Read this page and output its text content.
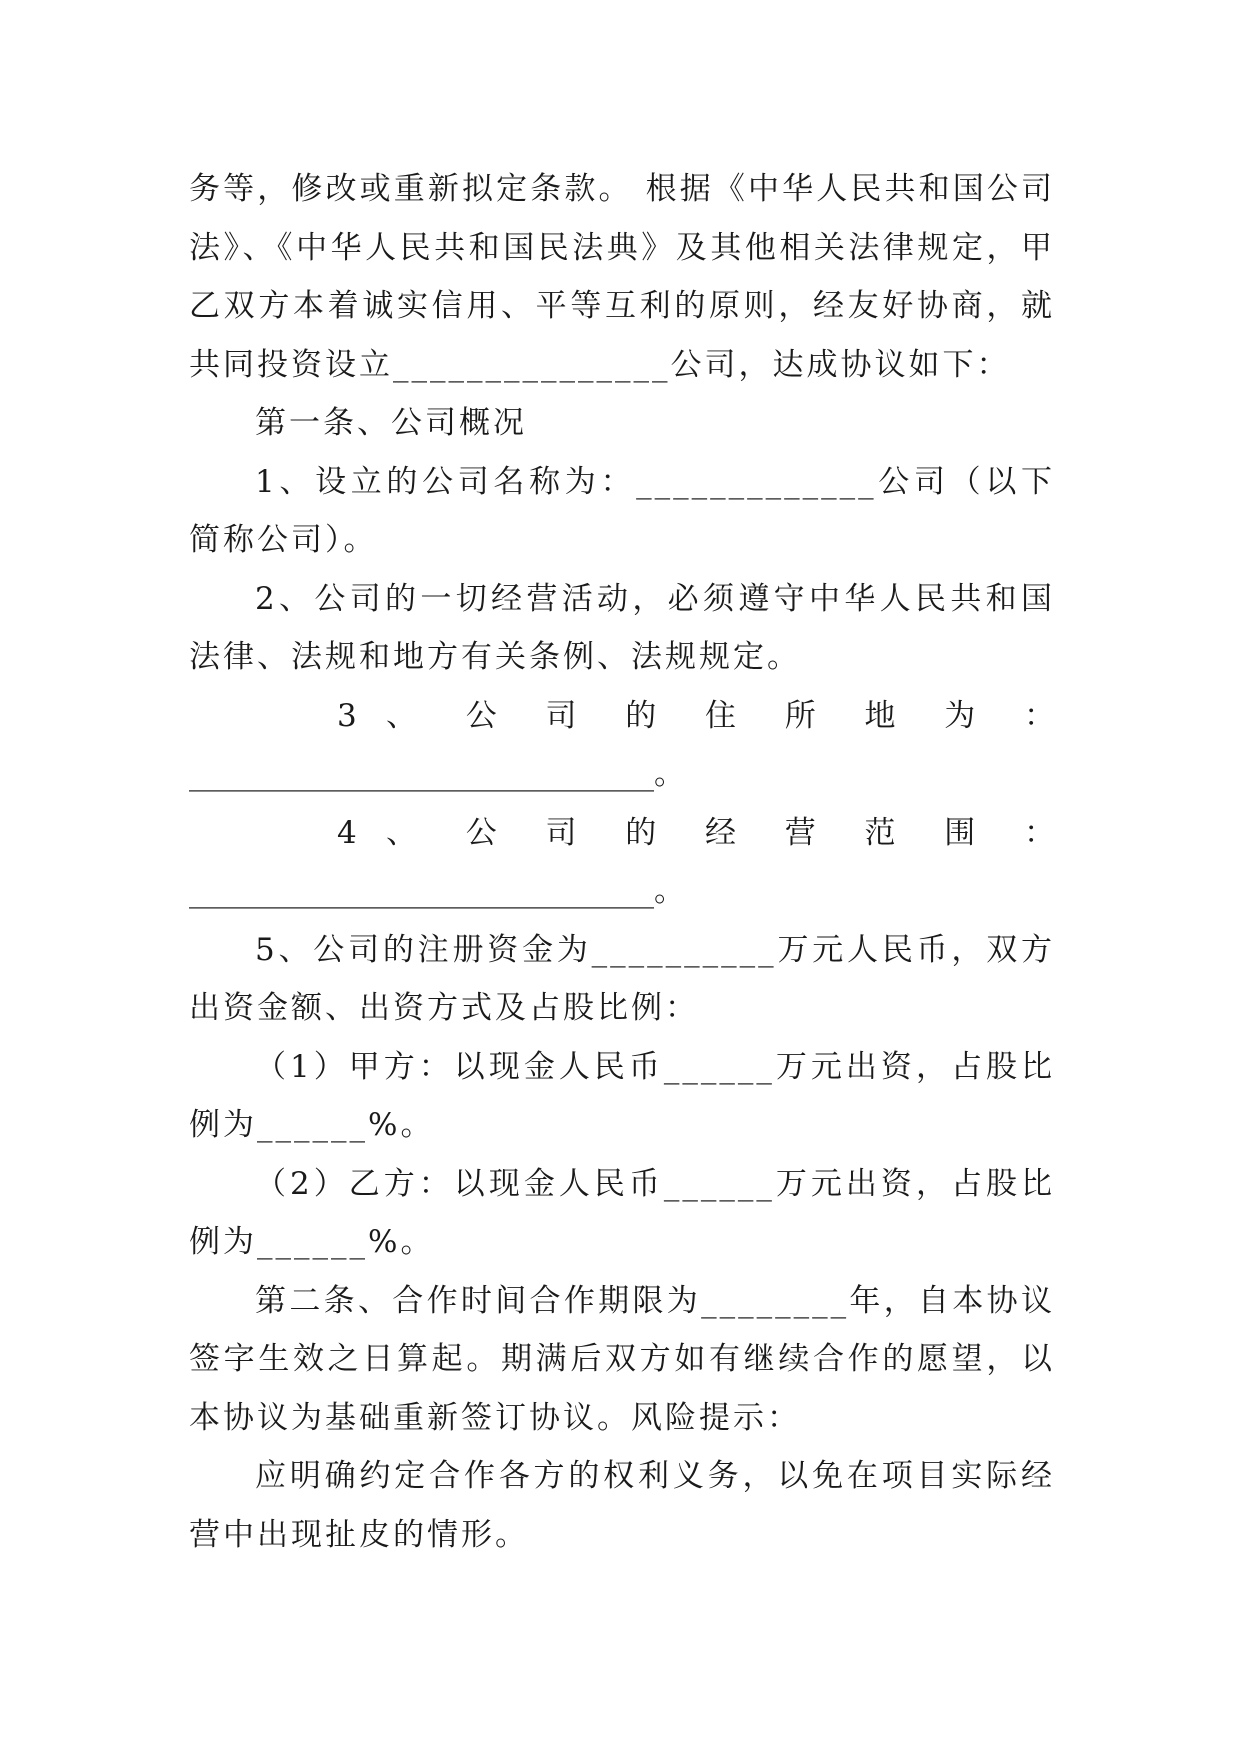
务等，修改或重新拟定条款。 根据《中华人民共和国公司法》、《中华人民共和国民法典》及其他相关法律规定，甲乙双方本着诚实信用、平等互利的原则，经友好协商，就共同投资设立_______________公司，达成协议如下：

第一条、公司概况

1、设立的公司名称为：_____________公司（以下简称公司）。

2、公司的一切经营活动，必须遵守中华人民共和国法律、法规和地方有关条例、法规规定。

3 、 公 司 的 住 所 地 为 ：

______________________________。

4 、 公 司 的 经 营 范 围 ：

______________________________。

5、公司的注册资金为__________万元人民币，双方出资金额、出资方式及占股比例：

（1）甲方：以现金人民币______万元出资，占股比例为______%。

（2）乙方：以现金人民币______万元出资，占股比例为______%。

第二条、合作时间合作期限为________年，自本协议签字生效之日算起。期满后双方如有继续合作的愿望，以本协议为基础重新签订协议。风险提示：

应明确约定合作各方的权利义务，以免在项目实际经营中出现扯皮的情形。
